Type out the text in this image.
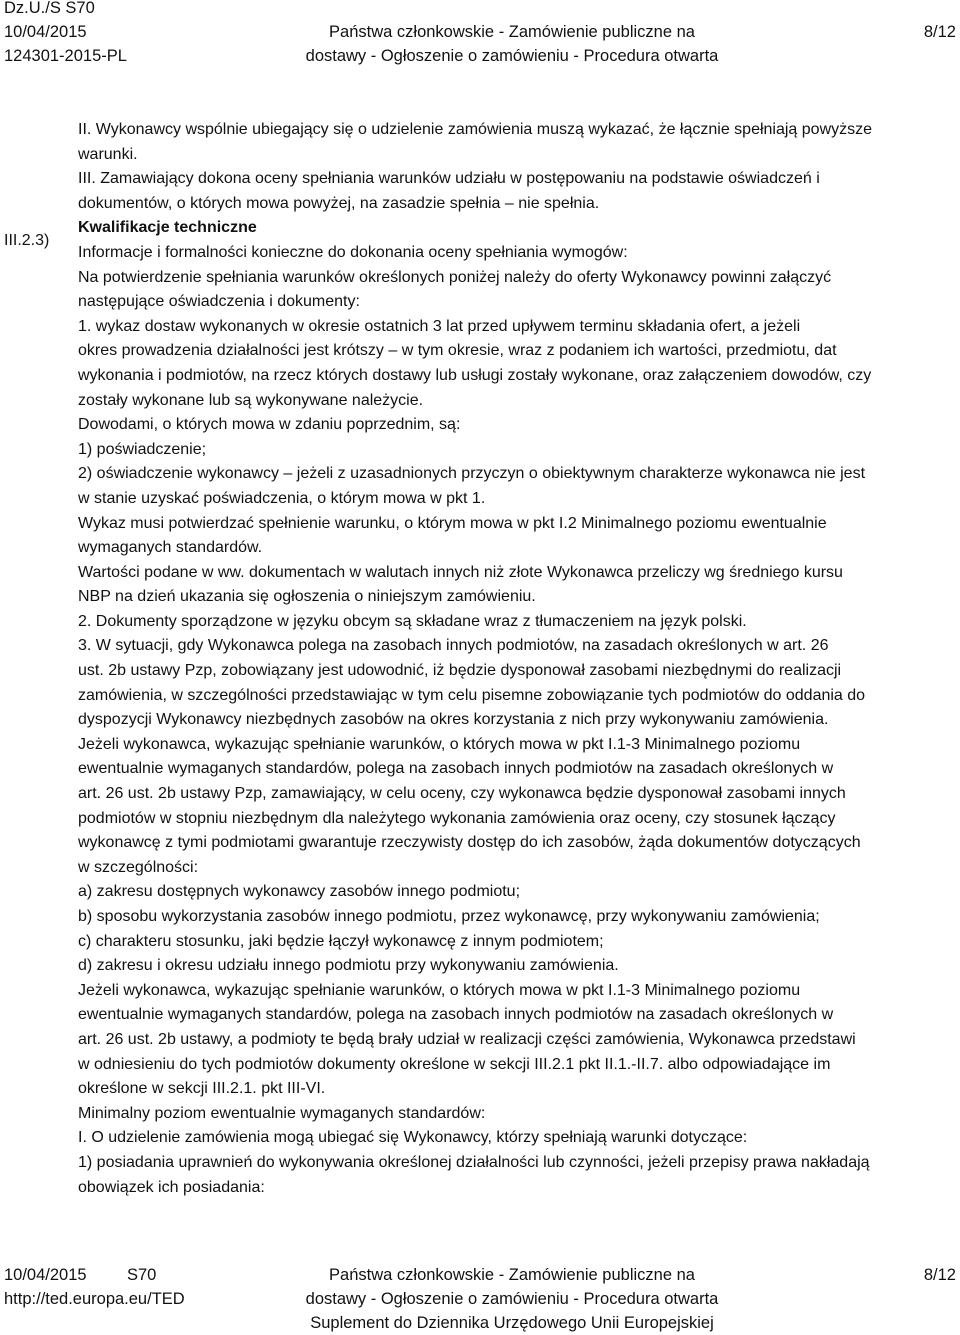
Dz.U./S S70
10/04/2015
124301-2015-PL
Państwa członkowskie - Zamówienie publiczne na
dostawy - Ogłoszenie o zamówieniu - Procedura otwarta
8/12
III.2.3)

II. Wykonawcy wspólnie ubiegający się o udzielenie zamówienia muszą wykazać, że łącznie spełniają powyższe

warunki.

III. Zamawiający dokona oceny spełniania warunków udziału w postępowaniu na podstawie oświadczeń i

dokumentów, o których mowa powyżej, na zasadzie spełnia – nie spełnia.

Kwalifikacje techniczne

Informacje i formalności konieczne do dokonania oceny spełniania wymogów:

Na potwierdzenie spełniania warunków określonych poniżej należy do oferty Wykonawcy powinni załączyć

następujące oświadczenia i dokumenty:

1. wykaz dostaw wykonanych w okresie ostatnich 3 lat przed upływem terminu składania ofert, a jeżeli

okres prowadzenia działalności jest krótszy – w tym okresie, wraz z podaniem ich wartości, przedmiotu, dat

wykonania i podmiotów, na rzecz których dostawy lub usługi zostały wykonane, oraz załączeniem dowodów, czy

zostały wykonane lub są wykonywane należycie.

Dowodami, o których mowa w zdaniu poprzednim, są:

1) poświadczenie;

2) oświadczenie wykonawcy – jeżeli z uzasadnionych przyczyn o obiektywnym charakterze wykonawca nie jest

w stanie uzyskać poświadczenia, o którym mowa w pkt 1.

Wykaz musi potwierdzać spełnienie warunku, o którym mowa w pkt I.2 Minimalnego poziomu ewentualnie

wymaganych standardów.

Wartości podane w ww. dokumentach w walutach innych niż złote Wykonawca przeliczy wg średniego kursu

NBP na dzień ukazania się ogłoszenia o niniejszym zamówieniu.

2. Dokumenty sporządzone w języku obcym są składane wraz z tłumaczeniem na język polski.

3. W sytuacji, gdy Wykonawca polega na zasobach innych podmiotów, na zasadach określonych w art. 26

ust. 2b ustawy Pzp, zobowiązany jest udowodnić, iż będzie dysponował zasobami niezbędnymi do realizacji

zamówienia, w szczególności przedstawiając w tym celu pisemne zobowiązanie tych podmiotów do oddania do

dyspozycji Wykonawcy niezbędnych zasobów na okres korzystania z nich przy wykonywaniu zamówienia.

Jeżeli wykonawca, wykazując spełnianie warunków, o których mowa w pkt I.1-3 Minimalnego poziomu

ewentualnie wymaganych standardów, polega na zasobach innych podmiotów na zasadach określonych w

art. 26 ust. 2b ustawy Pzp, zamawiający, w celu oceny, czy wykonawca będzie dysponował zasobami innych

podmiotów w stopniu niezbędnym dla należytego wykonania zamówienia oraz oceny, czy stosunek łączący

wykonawcę z tymi podmiotami gwarantuje rzeczywisty dostęp do ich zasobów, żąda dokumentów dotyczących

w szczególności:

a) zakresu dostępnych wykonawcy zasobów innego podmiotu;

b) sposobu wykorzystania zasobów innego podmiotu, przez wykonawcę, przy wykonywaniu zamówienia;

c) charakteru stosunku, jaki będzie łączył wykonawcę z innym podmiotem;

d) zakresu i okresu udziału innego podmiotu przy wykonywaniu zamówienia.

Jeżeli wykonawca, wykazując spełnianie warunków, o których mowa w pkt I.1-3 Minimalnego poziomu

ewentualnie wymaganych standardów, polega na zasobach innych podmiotów na zasadach określonych w

art. 26 ust. 2b ustawy, a podmioty te będą brały udział w realizacji części zamówienia, Wykonawca przedstawi

w odniesieniu do tych podmiotów dokumenty określone w sekcji III.2.1 pkt II.1.-II.7. albo odpowiadające im

określone w sekcji III.2.1. pkt III-VI.

Minimalny poziom ewentualnie wymaganych standardów:

I. O udzielenie zamówienia mogą ubiegać się Wykonawcy, którzy spełniają warunki dotyczące:

1) posiadania uprawnień do wykonywania określonej działalności lub czynności, jeżeli przepisy prawa nakładają

obowiązek ich posiadania:

10/04/2015 S70
http://ted.europa.eu/TED
Państwa członkowskie - Zamówienie publiczne na
dostawy - Ogłoszenie o zamówieniu - Procedura otwarta
Suplement do Dziennika Urzędowego Unii Europejskiej
8/12
